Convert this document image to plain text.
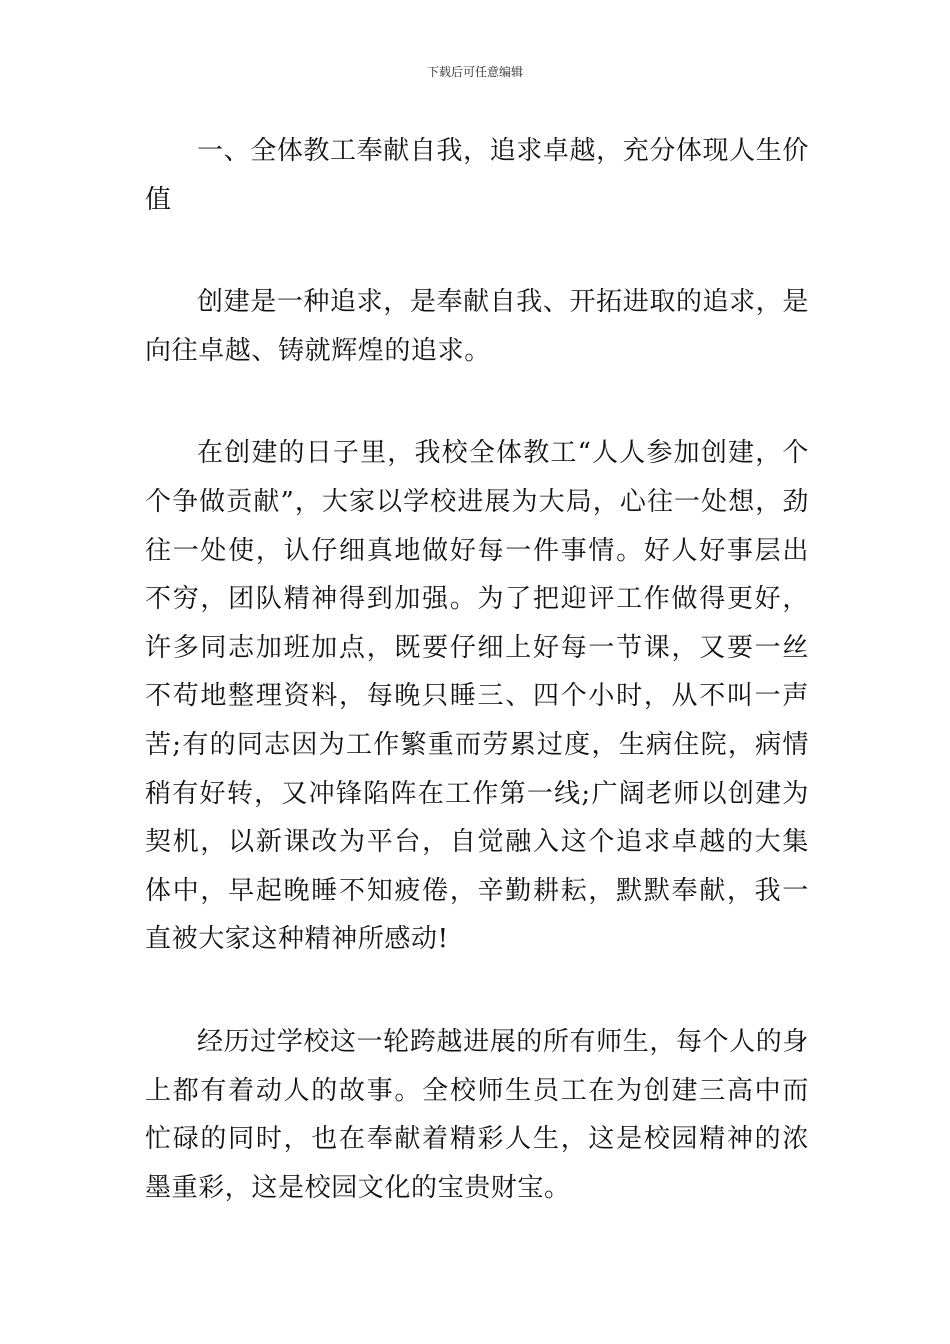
下载后可任意编辑

一、全体教工奉献自我，追求卓越，充分体现人生价值

创建是一种追求，是奉献自我、开拓进取的追求，是向往卓越、铸就辉煌的追求。

在创建的日子里，我校全体教工“人人参加创建，个个争做贡献”，大家以学校进展为大局，心往一处想，劲往一处使，认仔细真地做好每一件事情。好人好事层出不穷，团队精神得到加强。为了把迎评工作做得更好，许多同志加班加点，既要仔细上好每一节课，又要一丝不苟地整理资料，每晚只睡三、四个小时，从不叫一声苦;有的同志因为工作繁重而劳累过度，生病住院，病情稍有好转，又冲锋陷阵在工作第一线;广阔老师以创建为契机，以新课改为平台，自觉融入这个追求卓越的大集体中，早起晚睡不知疲倦，辛勤耕耘，默默奉献，我一直被大家这种精神所感动!

经历过学校这一轮跨越进展的所有师生，每个人的身上都有着动人的故事。全校师生员工在为创建三高中而忙碌的同时，也在奉献着精彩人生，这是校园精神的浓墨重彩，这是校园文化的宝贵财宝。
